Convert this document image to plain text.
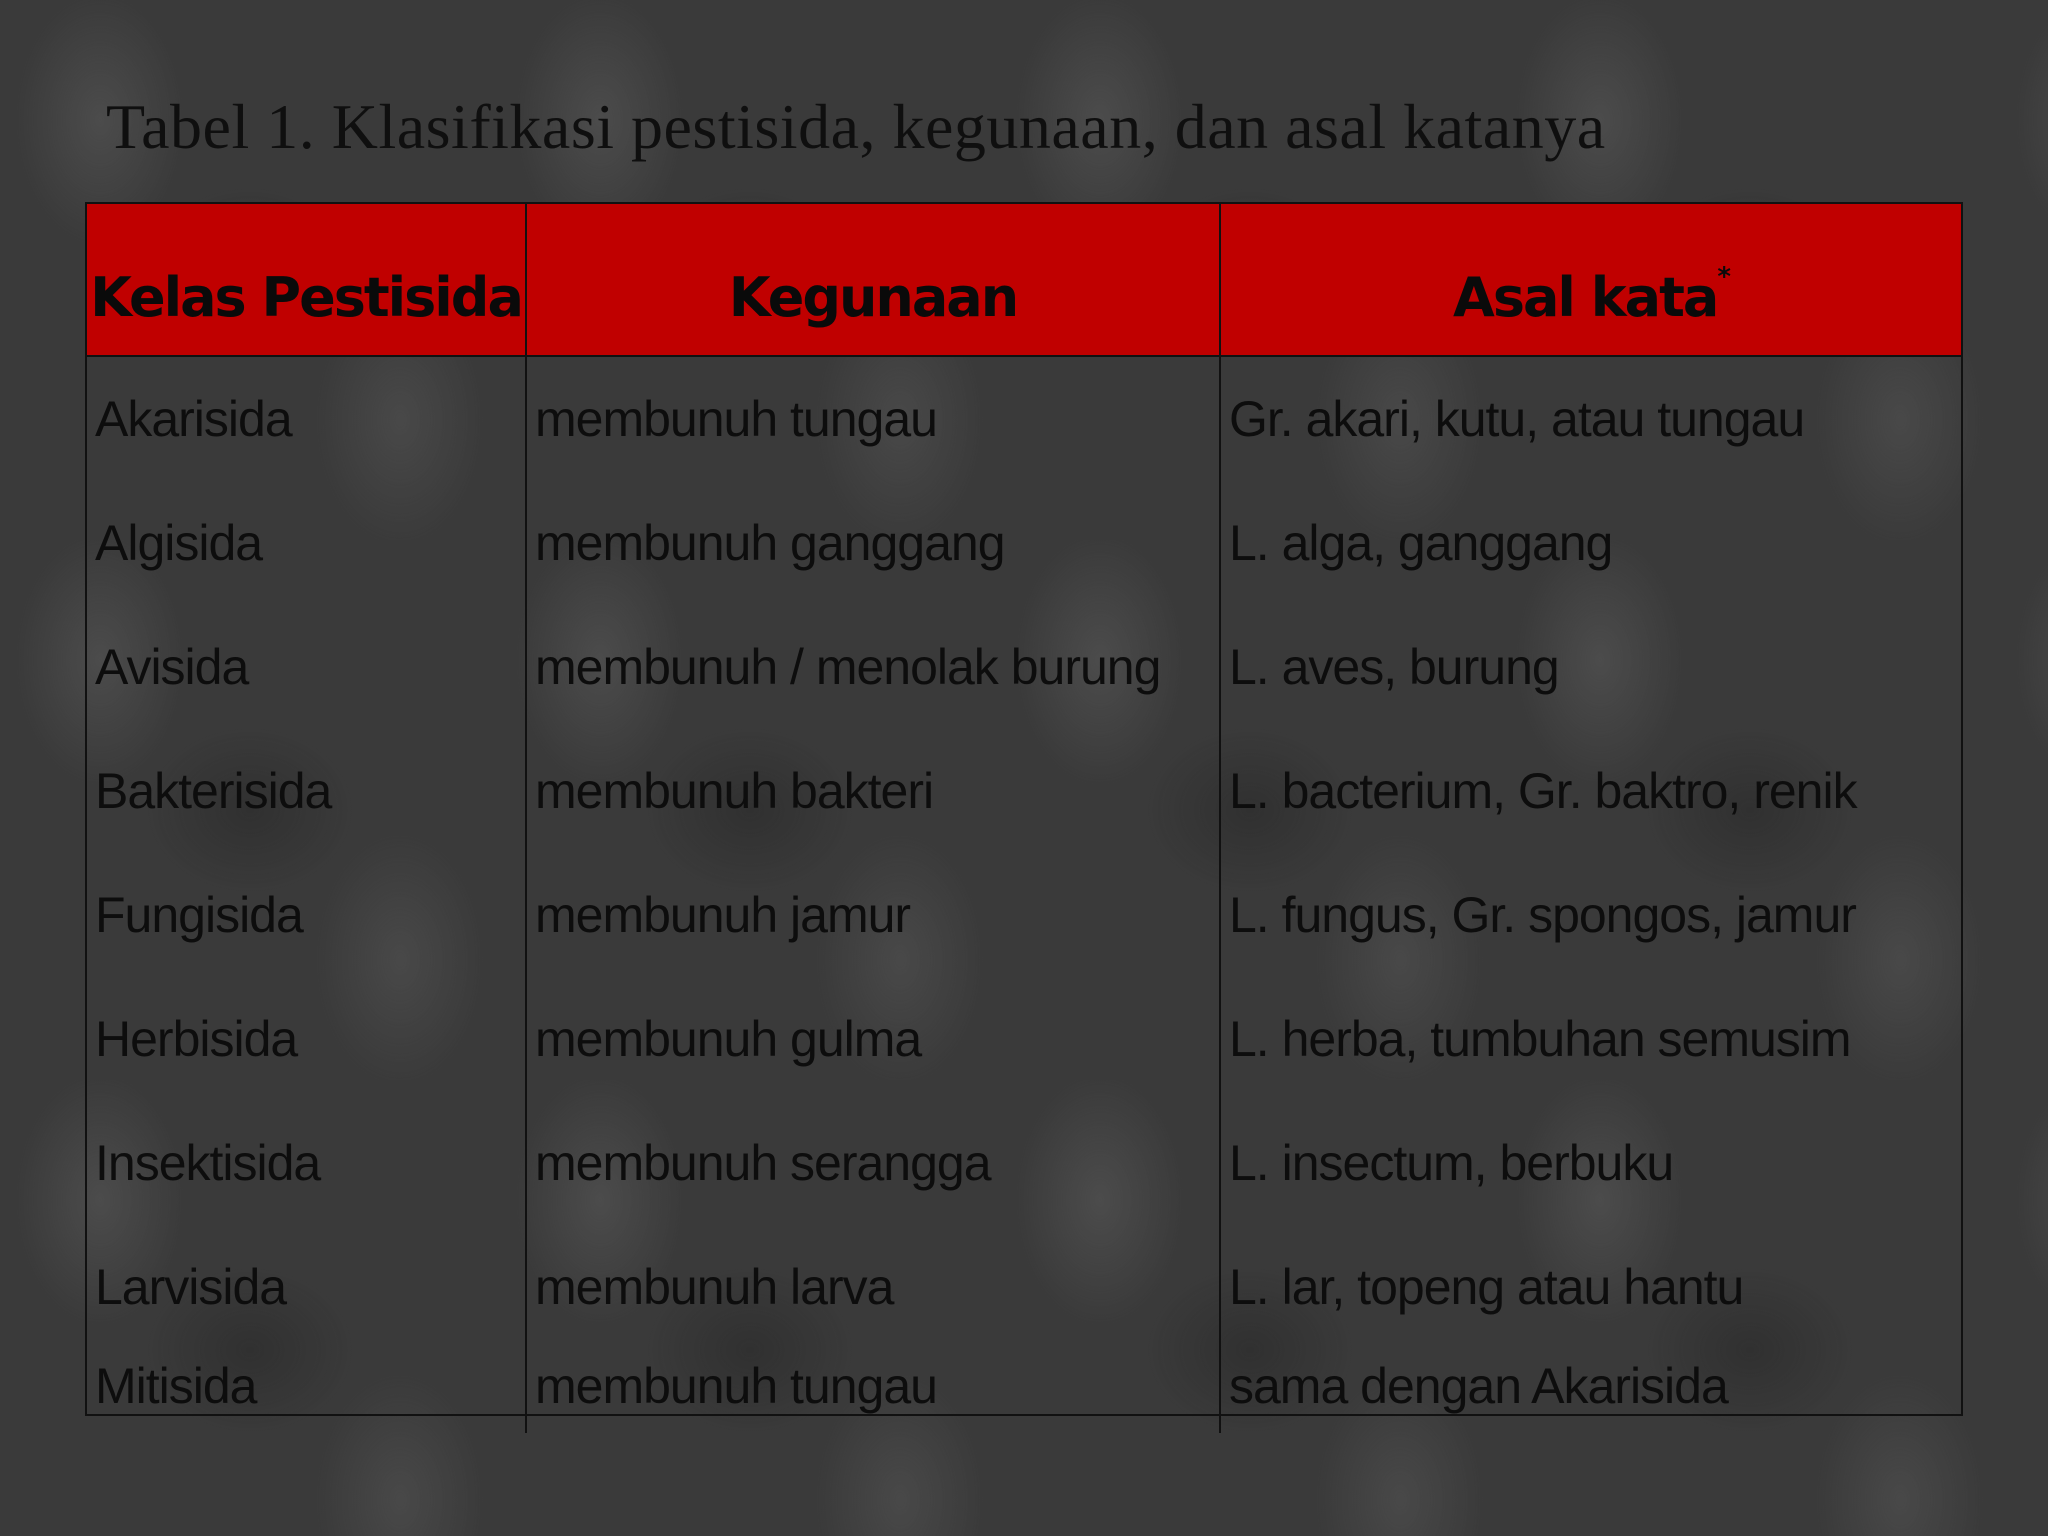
Tabel 1. Klasifikasi pestisida, kegunaan, dan asal katanya
Kelas Pestisida	Kegunaan	Asal kata*
Akarisida	membunuh tungau	Gr. akari, kutu, atau tungau
Algisida	membunuh ganggang	L. alga, ganggang
Avisida	membunuh / menolak burung	L. aves, burung
Bakterisida	membunuh bakteri	L. bacterium, Gr. baktro, renik
Fungisida	membunuh jamur	L. fungus, Gr. spongos, jamur
Herbisida	membunuh gulma	L. herba, tumbuhan semusim
Insektisida	membunuh serangga	L. insectum, berbuku
Larvisida	membunuh larva	L. lar, topeng atau hantu
Mitisida	membunuh tungau	sama dengan Akarisida
